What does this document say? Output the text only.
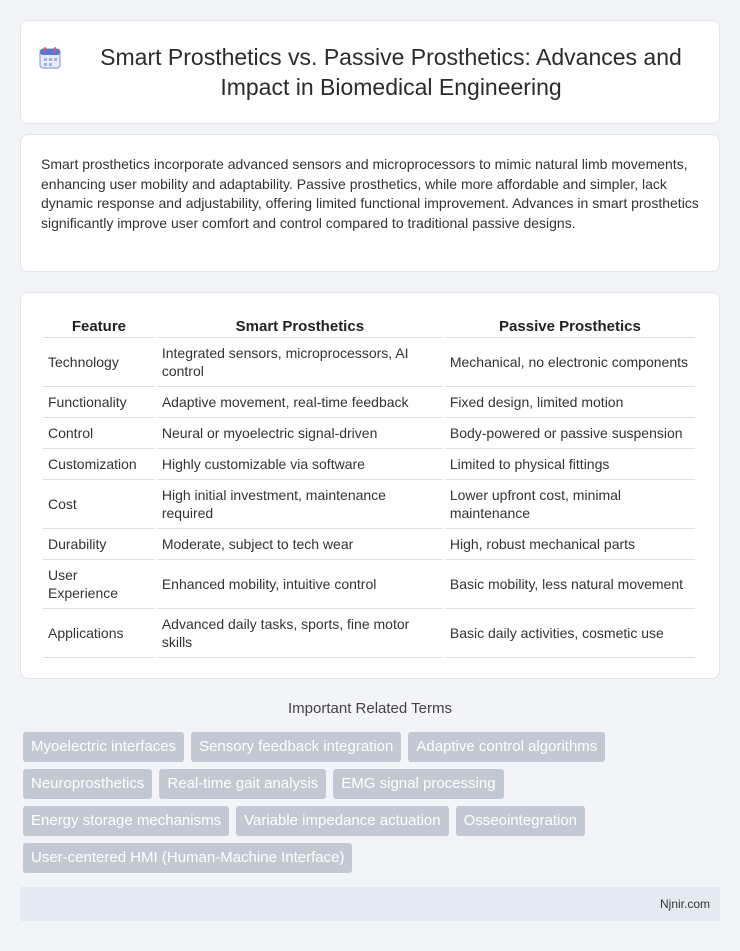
Smart Prosthetics vs. Passive Prosthetics: Advances and Impact in Biomedical Engineering

Smart prosthetics incorporate advanced sensors and microprocessors to mimic natural limb movements, enhancing user mobility and adaptability. Passive prosthetics, while more affordable and simpler, lack dynamic response and adjustability, offering limited functional improvement. Advances in smart prosthetics significantly improve user comfort and control compared to traditional passive designs.

Feature	Smart Prosthetics	Passive Prosthetics
Technology	Integrated sensors, microprocessors, AI control	Mechanical, no electronic components
Functionality	Adaptive movement, real-time feedback	Fixed design, limited motion
Control	Neural or myoelectric signal-driven	Body-powered or passive suspension
Customization	Highly customizable via software	Limited to physical fittings
Cost	High initial investment, maintenance required	Lower upfront cost, minimal maintenance
Durability	Moderate, subject to tech wear	High, robust mechanical parts
User Experience	Enhanced mobility, intuitive control	Basic mobility, less natural movement
Applications	Advanced daily tasks, sports, fine motor skills	Basic daily activities, cosmetic use
Important Related Terms
Myoelectric interfaces	Sensory feedback integration	Adaptive control algorithms
Neuroprosthetics	Real-time gait analysis	EMG signal processing
Energy storage mechanisms	Variable impedance actuation	Osseointegration
User-centered HMI (Human-Machine Interface)
Njnir.com
